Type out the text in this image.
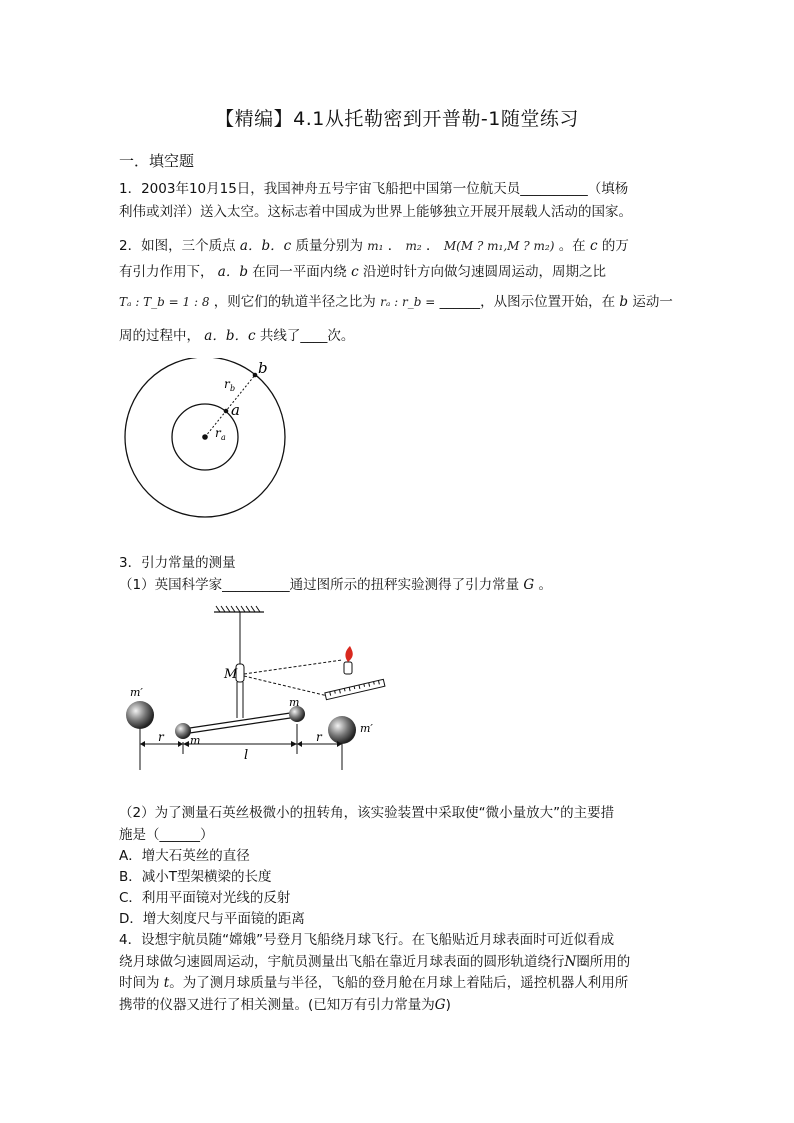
【精编】4.1从托勒密到开普勒-1随堂练习
一．填空题
1．2003年10月15日，我国神舟五号宇宙飞船把中国第一位航天员__________（填杨
利伟或刘洋）送入太空。这标志着中国成为世界上能够独立开展开展载人活动的国家。
2．如图，三个质点 a．b．c 质量分别为 m₁ ． m₂ ． M(M ? m₁,M ? m₂) 。在 c 的万
有引力作用下， a．b 在同一平面内绕 c 沿逆时针方向做匀速圆周运动，周期之比
Tₐ : T_b = 1 : 8 ，则它们的轨道半径之比为 rₐ : r_b = ______，从图示位置开始，在 b 运动一
周的过程中， a．b．c 共线了____次。
b
a
r b
r a
3．引力常量的测量
（1）英国科学家__________通过图所示的扭秤实验测得了引力常量 G 。
M
m
m
m′
m′
r	r
l
（2）为了测量石英丝极微小的扭转角，该实验装置中采取使“微小量放大”的主要措
施是（______）
A．增大石英丝的直径
B．减小T型架横梁的长度
C．利用平面镜对光线的反射
D．增大刻度尺与平面镜的距离
4．设想宇航员随“嫦娥”号登月飞船绕月球飞行。在飞船贴近月球表面时可近似看成
绕月球做匀速圆周运动，宇航员测量出飞船在靠近月球表面的圆形轨道绕行N圈所用的
时间为 t。为了测月球质量与半径，飞船的登月舱在月球上着陆后，遥控机器人利用所
携带的仪器又进行了相关测量。(已知万有引力常量为G)
